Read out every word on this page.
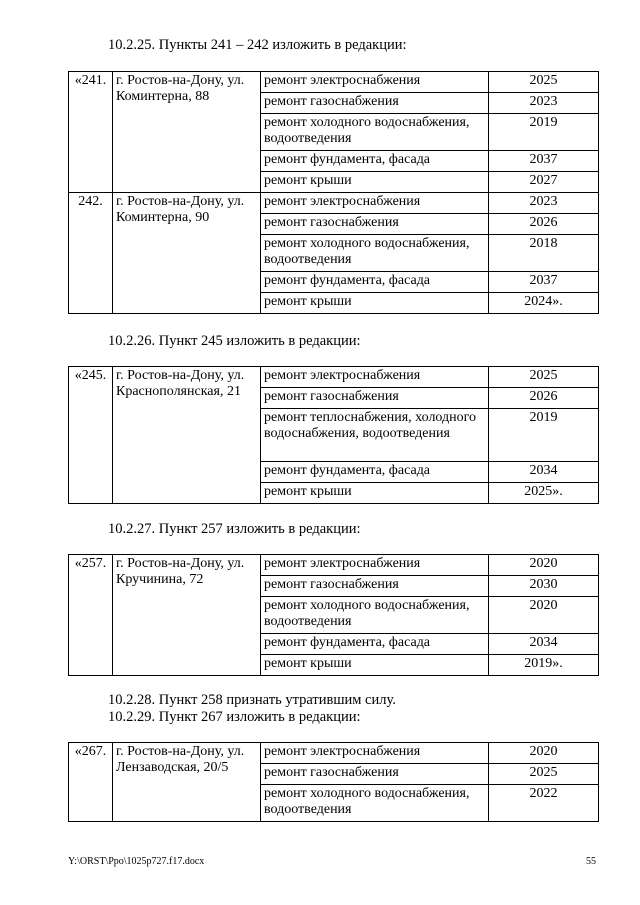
10.2.25. Пункты 241 – 242 изложить в редакции:
«241.	г. Ростов-на-Дону, ул. Коминтерна, 88	ремонт электроснабжения	2025
		ремонт газоснабжения	2023
		ремонт холодного водоснабжения, водоотведения	2019
		ремонт фундамента, фасада	2037
		ремонт крыши	2027
242.	г. Ростов-на-Дону, ул. Коминтерна, 90	ремонт электроснабжения	2023
		ремонт газоснабжения	2026
		ремонт холодного водоснабжения, водоотведения	2018
		ремонт фундамента, фасада	2037
		ремонт крыши	2024».
10.2.26. Пункт 245 изложить в редакции:
«245.	г. Ростов-на-Дону, ул. Краснополянская, 21	ремонт электроснабжения	2025
		ремонт газоснабжения	2026
		ремонт теплоснабжения, холодного водоснабжения, водоотведения	2019
		ремонт фундамента, фасада	2034
		ремонт крыши	2025».
10.2.27. Пункт 257 изложить в редакции:
«257.	г. Ростов-на-Дону, ул. Кручинина, 72	ремонт электроснабжения	2020
		ремонт газоснабжения	2030
		ремонт холодного водоснабжения, водоотведения	2020
		ремонт фундамента, фасада	2034
		ремонт крыши	2019».
10.2.28. Пункт 258 признать утратившим силу.
10.2.29. Пункт 267 изложить в редакции:
«267.	г. Ростов-на-Дону, ул. Лензаводская, 20/5	ремонт электроснабжения	2020
		ремонт газоснабжения	2025
		ремонт холодного водоснабжения, водоотведения	2022
Y:\ORST\Ppo\1025p727.f17.docx	55
